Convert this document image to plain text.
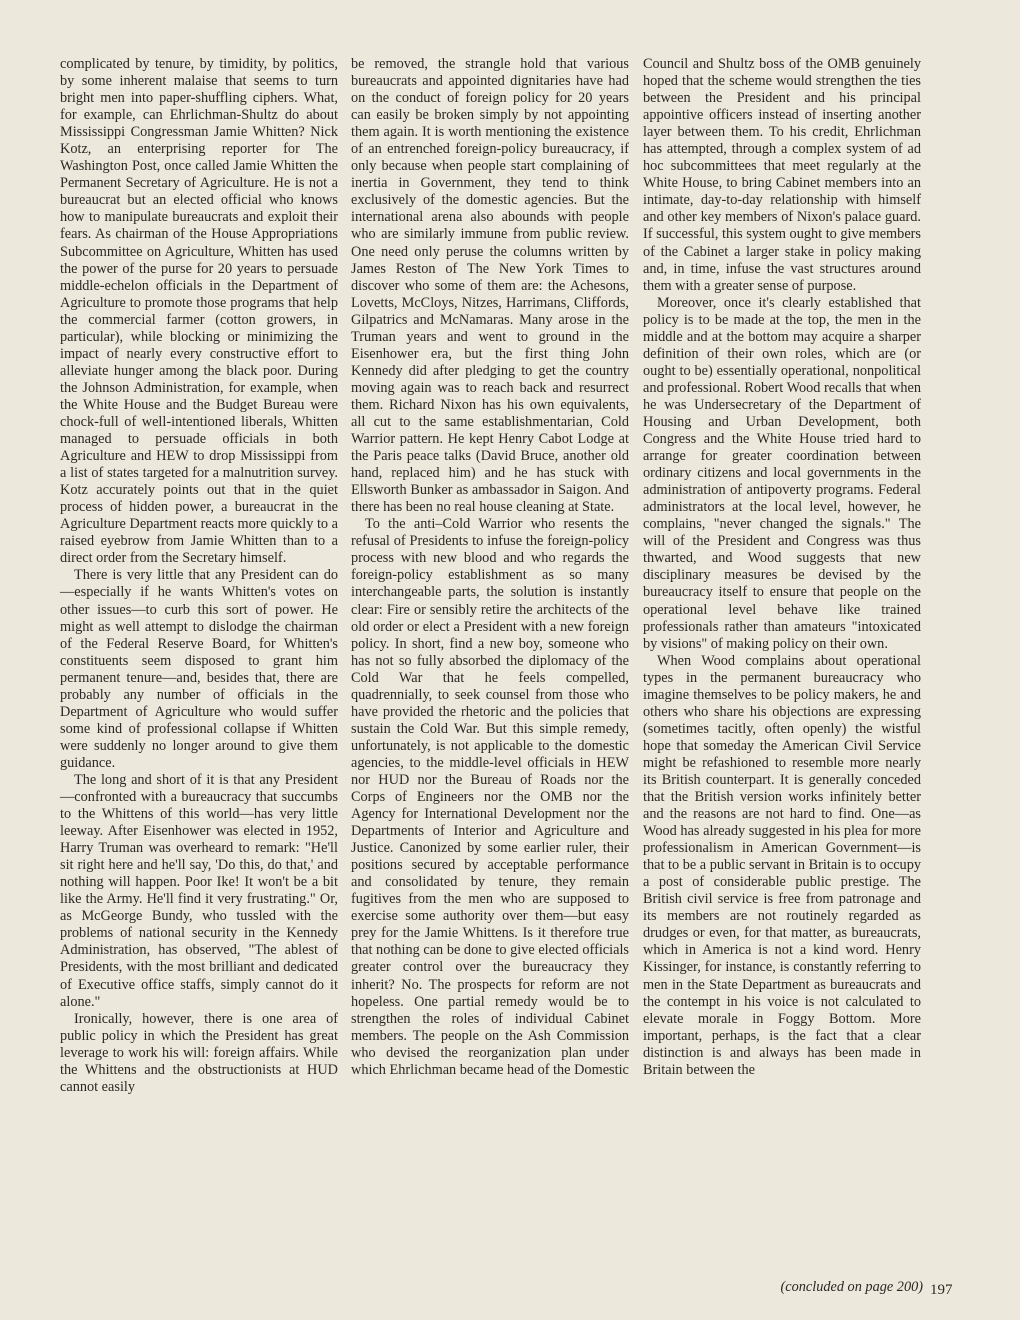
complicated by tenure, by timidity, by politics, by some inherent malaise that seems to turn bright men into paper-shuffling ciphers. What, for example, can Ehrlichman-Shultz do about Mississippi Congressman Jamie Whitten? Nick Kotz, an enterprising reporter for The Washington Post, once called Jamie Whitten the Permanent Secretary of Agriculture. He is not a bureaucrat but an elected official who knows how to manipulate bureaucrats and exploit their fears. As chairman of the House Appropriations Subcommittee on Agriculture, Whitten has used the power of the purse for 20 years to persuade middle-echelon officials in the Department of Agriculture to promote those programs that help the commercial farmer (cotton growers, in particular), while blocking or minimizing the impact of nearly every constructive effort to alleviate hunger among the black poor. During the Johnson Administration, for example, when the White House and the Budget Bureau were chock-full of well-intentioned liberals, Whitten managed to persuade officials in both Agriculture and HEW to drop Mississippi from a list of states targeted for a malnutrition survey. Kotz accurately points out that in the quiet process of hidden power, a bureaucrat in the Agriculture Department reacts more quickly to a raised eyebrow from Jamie Whitten than to a direct order from the Secretary himself.

There is very little that any President can do—especially if he wants Whitten's votes on other issues—to curb this sort of power. He might as well attempt to dislodge the chairman of the Federal Reserve Board, for Whitten's constituents seem disposed to grant him permanent tenure—and, besides that, there are probably any number of officials in the Department of Agriculture who would suffer some kind of professional collapse if Whitten were suddenly no longer around to give them guidance.

The long and short of it is that any President—confronted with a bureaucracy that succumbs to the Whittens of this world—has very little leeway. After Eisenhower was elected in 1952, Harry Truman was overheard to remark: "He'll sit right here and he'll say, 'Do this, do that,' and nothing will happen. Poor Ike! It won't be a bit like the Army. He'll find it very frustrating." Or, as McGeorge Bundy, who tussled with the problems of national security in the Kennedy Administration, has observed, "The ablest of Presidents, with the most brilliant and dedicated of Executive office staffs, simply cannot do it alone."

Ironically, however, there is one area of public policy in which the President has great leverage to work his will: foreign affairs. While the Whittens and the obstructionists at HUD cannot easily

be removed, the strangle hold that various bureaucrats and appointed dignitaries have had on the conduct of foreign policy for 20 years can easily be broken simply by not appointing them again. It is worth mentioning the existence of an entrenched foreign-policy bureaucracy, if only because when people start complaining of inertia in Government, they tend to think exclusively of the domestic agencies. But the international arena also abounds with people who are similarly immune from public review. One need only peruse the columns written by James Reston of The New York Times to discover who some of them are: the Achesons, Lovetts, McCloys, Nitzes, Harrimans, Cliffords, Gilpatrics and McNamaras. Many arose in the Truman years and went to ground in the Eisenhower era, but the first thing John Kennedy did after pledging to get the country moving again was to reach back and resurrect them. Richard Nixon has his own equivalents, all cut to the same establishmentarian, Cold Warrior pattern. He kept Henry Cabot Lodge at the Paris peace talks (David Bruce, another old hand, replaced him) and he has stuck with Ellsworth Bunker as ambassador in Saigon. And there has been no real house cleaning at State.

To the anti–Cold Warrior who resents the refusal of Presidents to infuse the foreign-policy process with new blood and who regards the foreign-policy establishment as so many interchangeable parts, the solution is instantly clear: Fire or sensibly retire the architects of the old order or elect a President with a new foreign policy. In short, find a new boy, someone who has not so fully absorbed the diplomacy of the Cold War that he feels compelled, quadrennially, to seek counsel from those who have provided the rhetoric and the policies that sustain the Cold War. But this simple remedy, unfortunately, is not applicable to the domestic agencies, to the middle-level officials in HEW nor HUD nor the Bureau of Roads nor the Corps of Engineers nor the OMB nor the Agency for International Development nor the Departments of Interior and Agriculture and Justice. Canonized by some earlier ruler, their positions secured by acceptable performance and consolidated by tenure, they remain fugitives from the men who are supposed to exercise some authority over them—but easy prey for the Jamie Whittens. Is it therefore true that nothing can be done to give elected officials greater control over the bureaucracy they inherit? No. The prospects for reform are not hopeless. One partial remedy would be to strengthen the roles of individual Cabinet members. The people on the Ash Commission who devised the reorganization plan under which Ehrlichman became head of the Domestic

Council and Shultz boss of the OMB genuinely hoped that the scheme would strengthen the ties between the President and his principal appointive officers instead of inserting another layer between them. To his credit, Ehrlichman has attempted, through a complex system of ad hoc subcommittees that meet regularly at the White House, to bring Cabinet members into an intimate, day-to-day relationship with himself and other key members of Nixon's palace guard. If successful, this system ought to give members of the Cabinet a larger stake in policy making and, in time, infuse the vast structures around them with a greater sense of purpose.

Moreover, once it's clearly established that policy is to be made at the top, the men in the middle and at the bottom may acquire a sharper definition of their own roles, which are (or ought to be) essentially operational, nonpolitical and professional. Robert Wood recalls that when he was Undersecretary of the Department of Housing and Urban Development, both Congress and the White House tried hard to arrange for greater coordination between ordinary citizens and local governments in the administration of antipoverty programs. Federal administrators at the local level, however, he complains, "never changed the signals." The will of the President and Congress was thus thwarted, and Wood suggests that new disciplinary measures be devised by the bureaucracy itself to ensure that people on the operational level behave like trained professionals rather than amateurs "intoxicated by visions" of making policy on their own.

When Wood complains about operational types in the permanent bureaucracy who imagine themselves to be policy makers, he and others who share his objections are expressing (sometimes tacitly, often openly) the wistful hope that someday the American Civil Service might be refashioned to resemble more nearly its British counterpart. It is generally conceded that the British version works infinitely better and the reasons are not hard to find. One—as Wood has already suggested in his plea for more professionalism in American Government—is that to be a public servant in Britain is to occupy a post of considerable public prestige. The British civil service is free from patronage and its members are not routinely regarded as drudges or even, for that matter, as bureaucrats, which in America is not a kind word. Henry Kissinger, for instance, is constantly referring to men in the State Department as bureaucrats and the contempt in his voice is not calculated to elevate morale in Foggy Bottom. More important, perhaps, is the fact that a clear distinction is and always has been made in Britain between the

(concluded on page 200) 197
